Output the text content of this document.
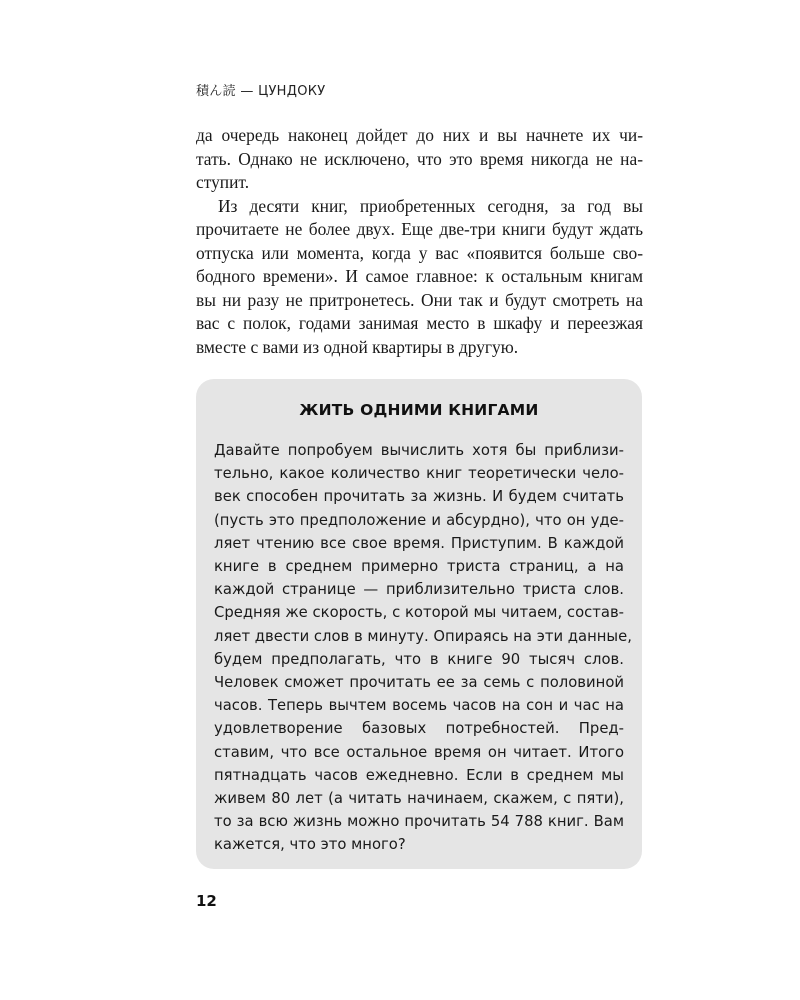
積ん読 — ЦУНДОКУ

да очередь наконец дойдет до них и вы начнете их чи-
тать. Однако не исключено, что это время никогда не на-
ступит.

Из десяти книг, приобретенных сегодня, за год вы
прочитаете не более двух. Еще две-три книги будут ждать
отпуска или момента, когда у вас «появится больше сво-
бодного времени». И самое главное: к остальным книгам
вы ни разу не притронетесь. Они так и будут смотреть на
вас с полок, годами занимая место в шкафу и переезжая
вместе с вами из одной квартиры в другую.

ЖИТЬ ОДНИМИ КНИГАМИ
Давайте попробуем вычислить хотя бы приблизи-
тельно, какое количество книг теоретически чело-
век способен прочитать за жизнь. И будем считать
(пусть это предположение и абсурдно), что он уде-
ляет чтению все свое время. Приступим. В каждой
книге в среднем примерно триста страниц, а на
каждой странице — приблизительно триста слов.
Средняя же скорость, с которой мы читаем, состав-
ляет двести слов в минуту. Опираясь на эти данные,
будем предполагать, что в книге 90 тысяч слов.
Человек сможет прочитать ее за семь с половиной
часов. Теперь вычтем восемь часов на сон и час на
удовлетворение базовых потребностей. Пред-
ставим, что все остальное время он читает. Итого
пятнадцать часов ежедневно. Если в среднем мы
живем 80 лет (а читать начинаем, скажем, с пяти),
то за всю жизнь можно прочитать 54 788 книг. Вам
кажется, что это много?
12
